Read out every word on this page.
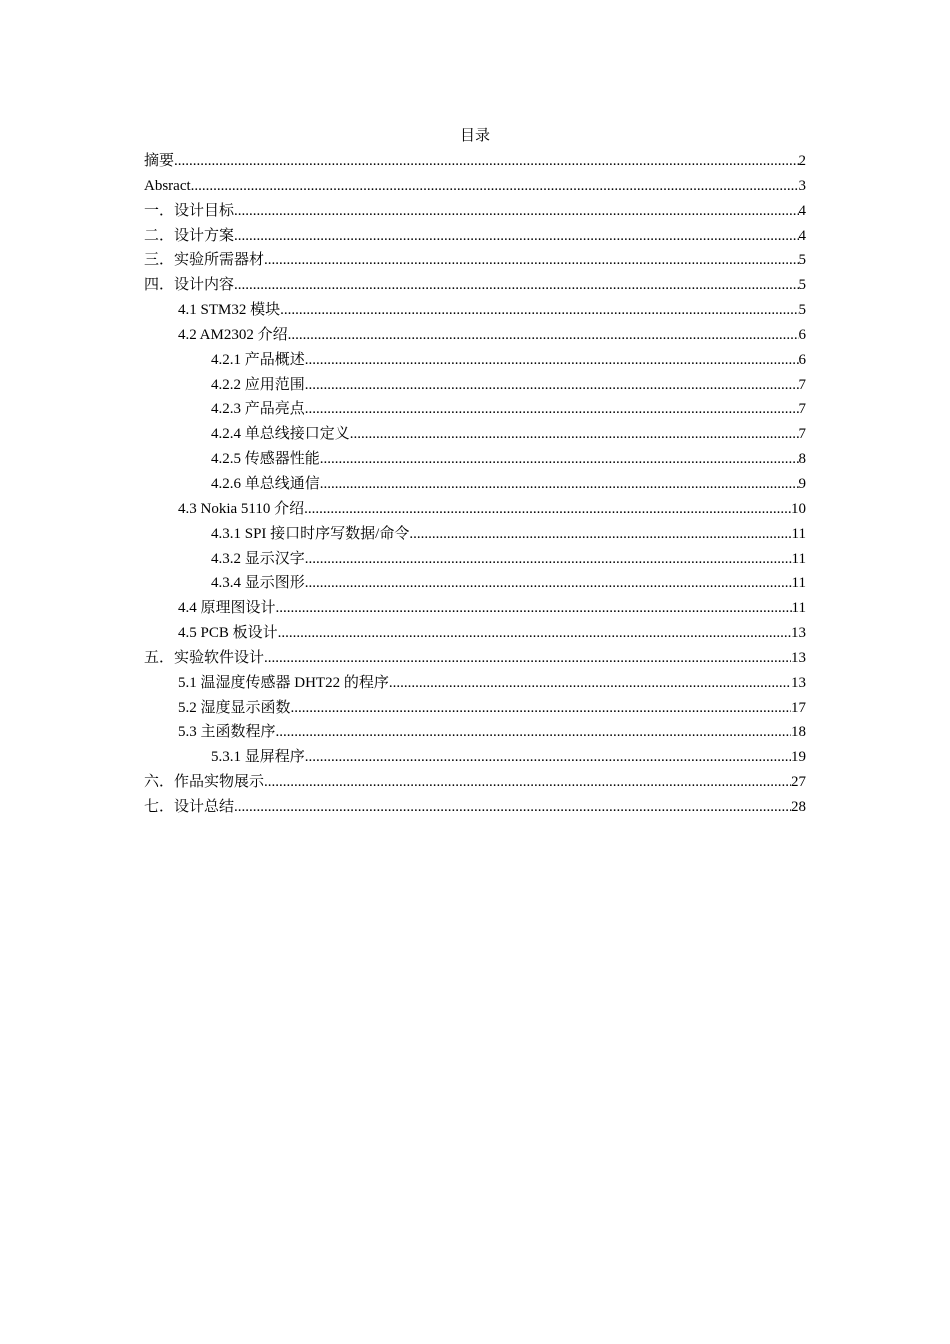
目录
摘要 .....	2
Absract .....	3
一．设计目标 .....	4
二．设计方案 .....	4
三．实验所需器材 .....	5
四．设计内容 .....	5
4.1 STM32 模块 .....	5
4.2 AM2302 介绍 .....	6
4.2.1 产品概述 .....	6
4.2.2 应用范围 .....	7
4.2.3 产品亮点 .....	7
4.2.4 单总线接口定义 .....	7
4.2.5 传感器性能 .....	8
4.2.6 单总线通信 .....	9
4.3 Nokia 5110 介绍 .....	10
4.3.1 SPI 接口时序写数据/命令 .....	11
4.3.2 显示汉字 .....	11
4.3.4 显示图形 .....	11
4.4 原理图设计 .....	11
4.5 PCB 板设计 .....	13
五．实验软件设计 .....	13
5.1 温湿度传感器 DHT22 的程序 .....	13
5.2 湿度显示函数 .....	17
5.3 主函数程序 .....	18
5.3.1 显屏程序 .....	19
六．作品实物展示 .....	27
七．设计总结 .....	28
